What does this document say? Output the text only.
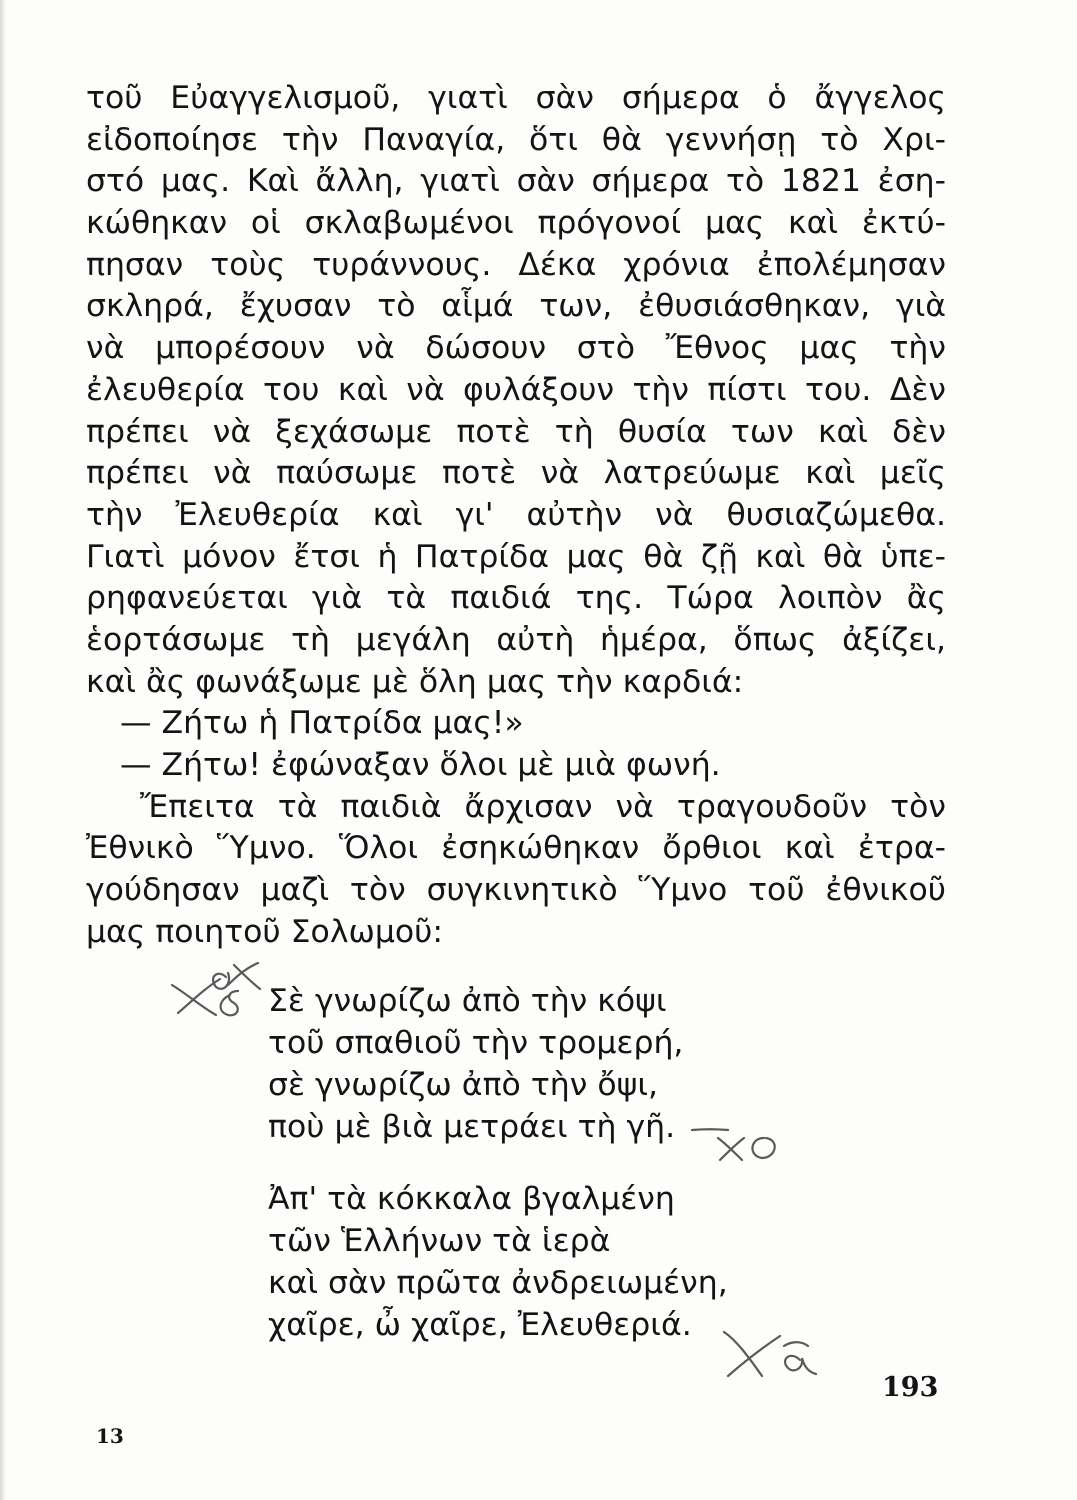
τοῦ Εὐαγγελισμοῦ, γιατὶ σὰν σήμερα ὁ ἄγγελος
εἰδοποίησε τὴν Παναγία, ὅτι θὰ γεννήσῃ τὸ Χρι-
στό μας. Καὶ ἄλλη, γιατὶ σὰν σήμερα τὸ 1821 ἐση-
κώθηκαν οἱ σκλαβωμένοι πρόγονοί μας καὶ ἐκτύ-
πησαν τοὺς τυράννους. Δέκα χρόνια ἐπολέμησαν
σκληρά, ἔχυσαν τὸ αἷμά των, ἐθυσιάσθηκαν, γιὰ
νὰ μπορέσουν νὰ δώσουν στὸ Ἔθνος μας τὴν
ἐλευθερία του καὶ νὰ φυλάξουν τὴν πίστι του. Δὲν
πρέπει νὰ ξεχάσωμε ποτὲ τὴ θυσία των καὶ δὲν
πρέπει νὰ παύσωμε ποτὲ νὰ λατρεύωμε καὶ μεῖς
τὴν Ἐλευθερία καὶ γι' αὐτὴν νὰ θυσιαζώμεθα.
Γιατὶ μόνον ἔτσι ἡ Πατρίδα μας θὰ ζῇ καὶ θὰ ὑπε-
ρηφανεύεται γιὰ τὰ παιδιά της. Τώρα λοιπὸν ἂς
ἑορτάσωμε τὴ μεγάλη αὐτὴ ἡμέρα, ὅπως ἀξίζει,
καὶ ἂς φωνάξωμε μὲ ὅλη μας τὴν καρδιά:
— Ζήτω ἡ Πατρίδα μας!»
— Ζήτω! ἐφώναξαν ὅλοι μὲ μιὰ φωνή.
Ἔπειτα τὰ παιδιὰ ἄρχισαν νὰ τραγουδοῦν τὸν
Ἐθνικὸ Ὕμνο. Ὅλοι ἐσηκώθηκαν ὄρθιοι καὶ ἐτρα-
γούδησαν μαζὶ τὸν συγκινητικὸ Ὕμνο τοῦ ἐθνικοῦ
μας ποιητοῦ Σολωμοῦ:
Σὲ γνωρίζω ἀπὸ τὴν κόψι
τοῦ σπαθιοῦ τὴν τρομερή,
σὲ γνωρίζω ἀπὸ τὴν ὄψι,
ποὺ μὲ βιὰ μετράει τὴ γῆ.
Ἀπ' τὰ κόκκαλα βγαλμένη
τῶν Ἑλλήνων τὰ ἱερὰ
καὶ σὰν πρῶτα ἀνδρειωμένη,
χαῖρε, ὦ χαῖρε, Ἐλευθεριά.
193
13
